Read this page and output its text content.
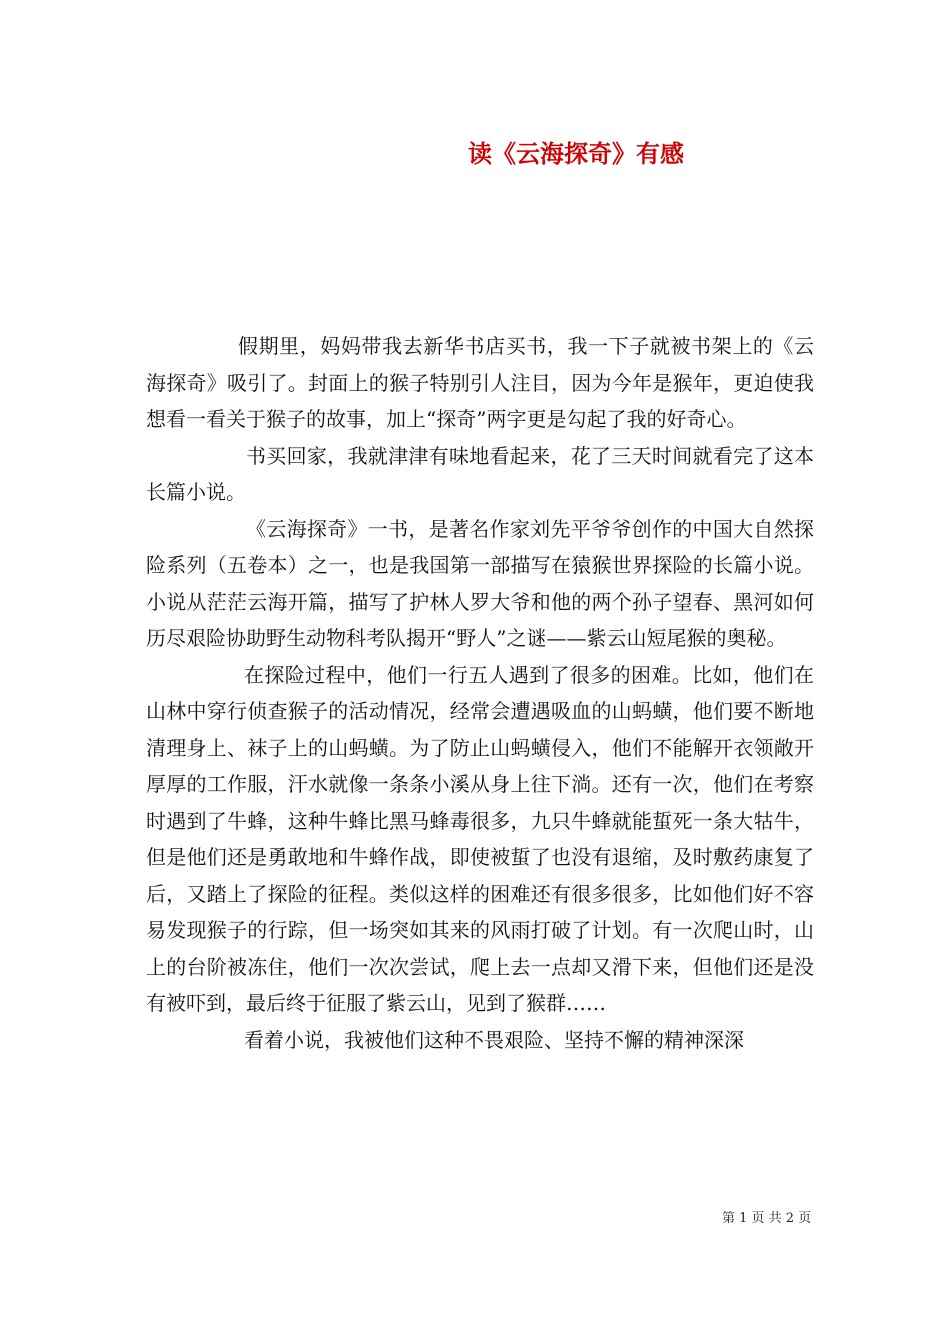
读《云海探奇》有感

假期里，妈妈带我去新华书店买书，我一下子就被书架上的《云海探奇》吸引了。封面上的猴子特别引人注目，因为今年是猴年，更迫使我想看一看关于猴子的故事，加上“探奇”两字更是勾起了我的好奇心。

书买回家，我就津津有味地看起来，花了三天时间就看完了这本长篇小说。

《云海探奇》一书，是著名作家刘先平爷爷创作的中国大自然探险系列（五卷本）之一，也是我国第一部描写在猿猴世界探险的长篇小说。小说从茫茫云海开篇，描写了护林人罗大爷和他的两个孙子望春、黑河如何历尽艰险协助野生动物科考队揭开“野人”之谜——紫云山短尾猴的奥秘。

在探险过程中，他们一行五人遇到了很多的困难。比如，他们在山林中穿行侦查猴子的活动情况，经常会遭遇吸血的山蚂蟥，他们要不断地清理身上、袜子上的山蚂蟥。为了防止山蚂蟥侵入，他们不能解开衣领敞开厚厚的工作服，汗水就像一条条小溪从身上往下淌。还有一次，他们在考察时遇到了牛蜂，这种牛蜂比黑马蜂毒很多，九只牛蜂就能蜇死一条大牯牛，但是他们还是勇敢地和牛蜂作战，即使被蜇了也没有退缩，及时敷药康复了后，又踏上了探险的征程。类似这样的困难还有很多很多，比如他们好不容易发现猴子的行踪，但一场突如其来的风雨打破了计划。有一次爬山时，山上的台阶被冻住，他们一次次尝试，爬上去一点却又滑下来，但他们还是没有被吓到，最后终于征服了紫云山，见到了猴群……

看着小说，我被他们这种不畏艰险、坚持不懈的精神深深

第 1 页 共 2 页
